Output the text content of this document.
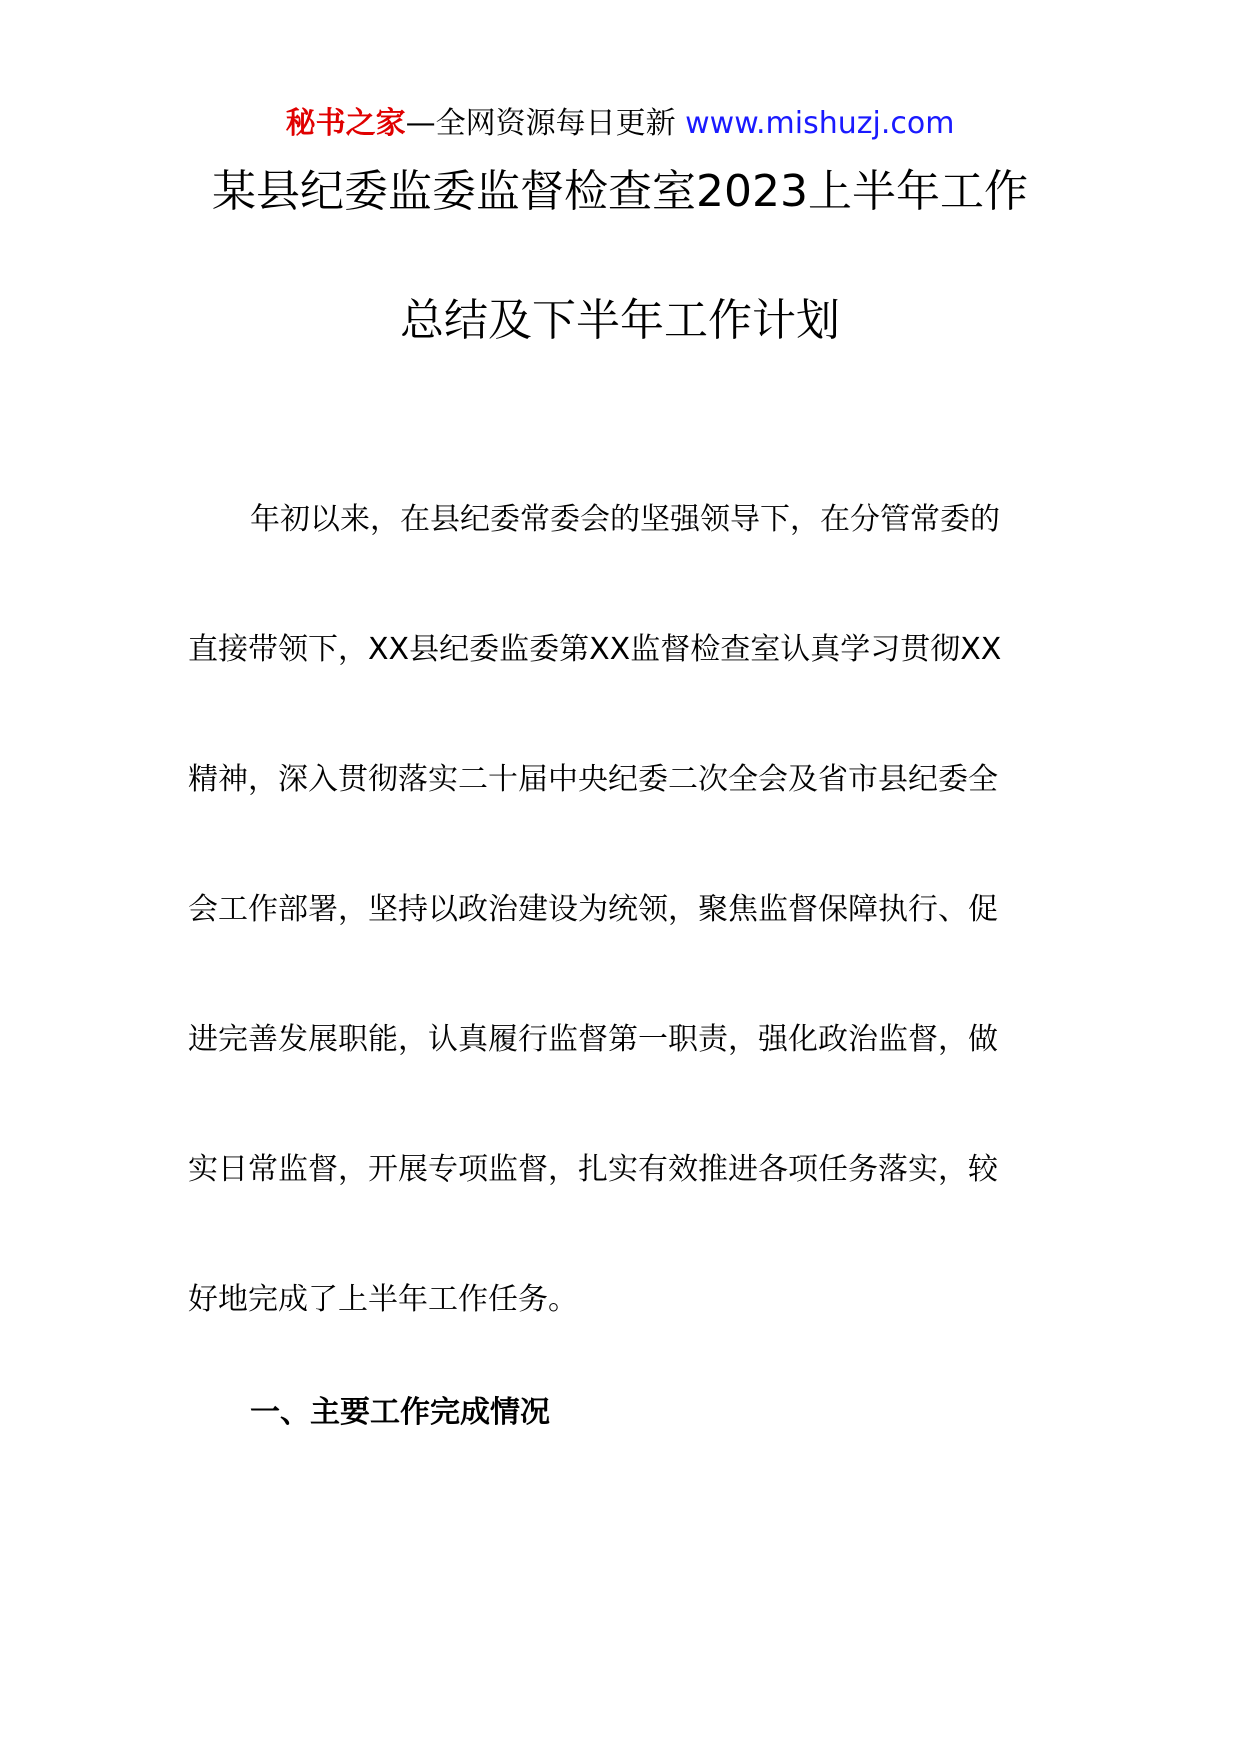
秘书之家—全网资源每日更新 www.mishuzj.com
某县纪委监委监督检查室2023上半年工作
总结及下半年工作计划
年初以来，在县纪委常委会的坚强领导下，在分管常委的
直接带领下，XX县纪委监委第XX监督检查室认真学习贯彻XX
精神，深入贯彻落实二十届中央纪委二次全会及省市县纪委全
会工作部署，坚持以政治建设为统领，聚焦监督保障执行、促
进完善发展职能，认真履行监督第一职责，强化政治监督，做
实日常监督，开展专项监督，扎实有效推进各项任务落实，较
好地完成了上半年工作任务。
一、主要工作完成情况
